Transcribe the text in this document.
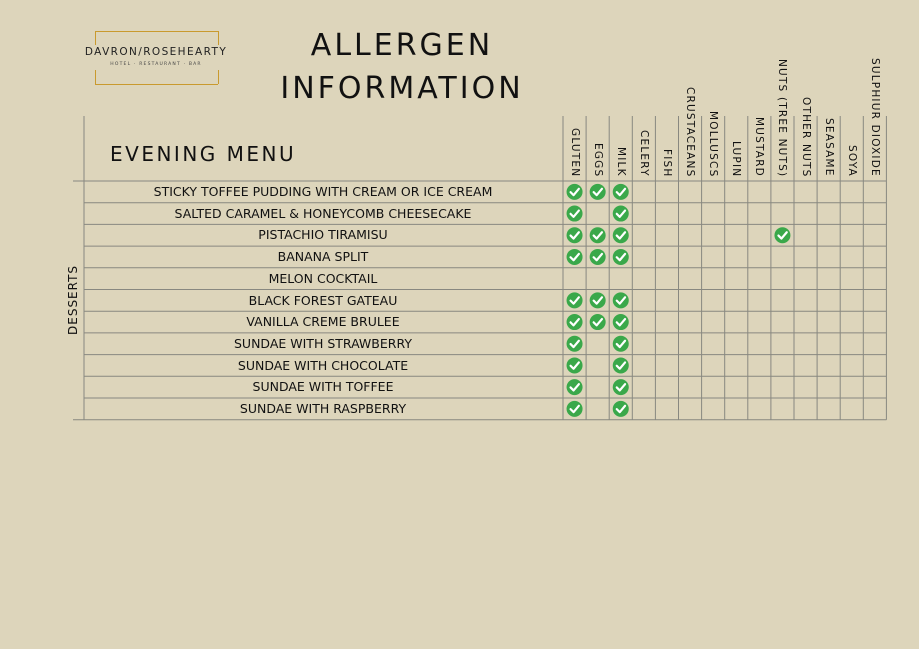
DAVRON/ROSEHEARTY
HOTEL · RESTAURANT · BAR
ALLERGEN
INFORMATION
EVENING MENU	GLUTEN EGGS MILK CELERY FISH CRUSTACEANS MOLLUSCS LUPIN MUSTARD NUTS (TREE NUTS) OTHER NUTS SEASAME SOYA SULPHIUR DIOXIDE
STICKY TOFFEE PUDDING WITH CREAM OR ICE CREAM
SALTED CARAMEL & HONEYCOMB CHEESECAKE
PISTACHIO TIRAMISU
BANANA SPLIT
MELON COCKTAIL
BLACK FOREST GATEAU
VANILLA CREME BRULEE
SUNDAE WITH STRAWBERRY
SUNDAE WITH CHOCOLATE
SUNDAE WITH TOFFEE
SUNDAE WITH RASPBERRY
DESSERTS
